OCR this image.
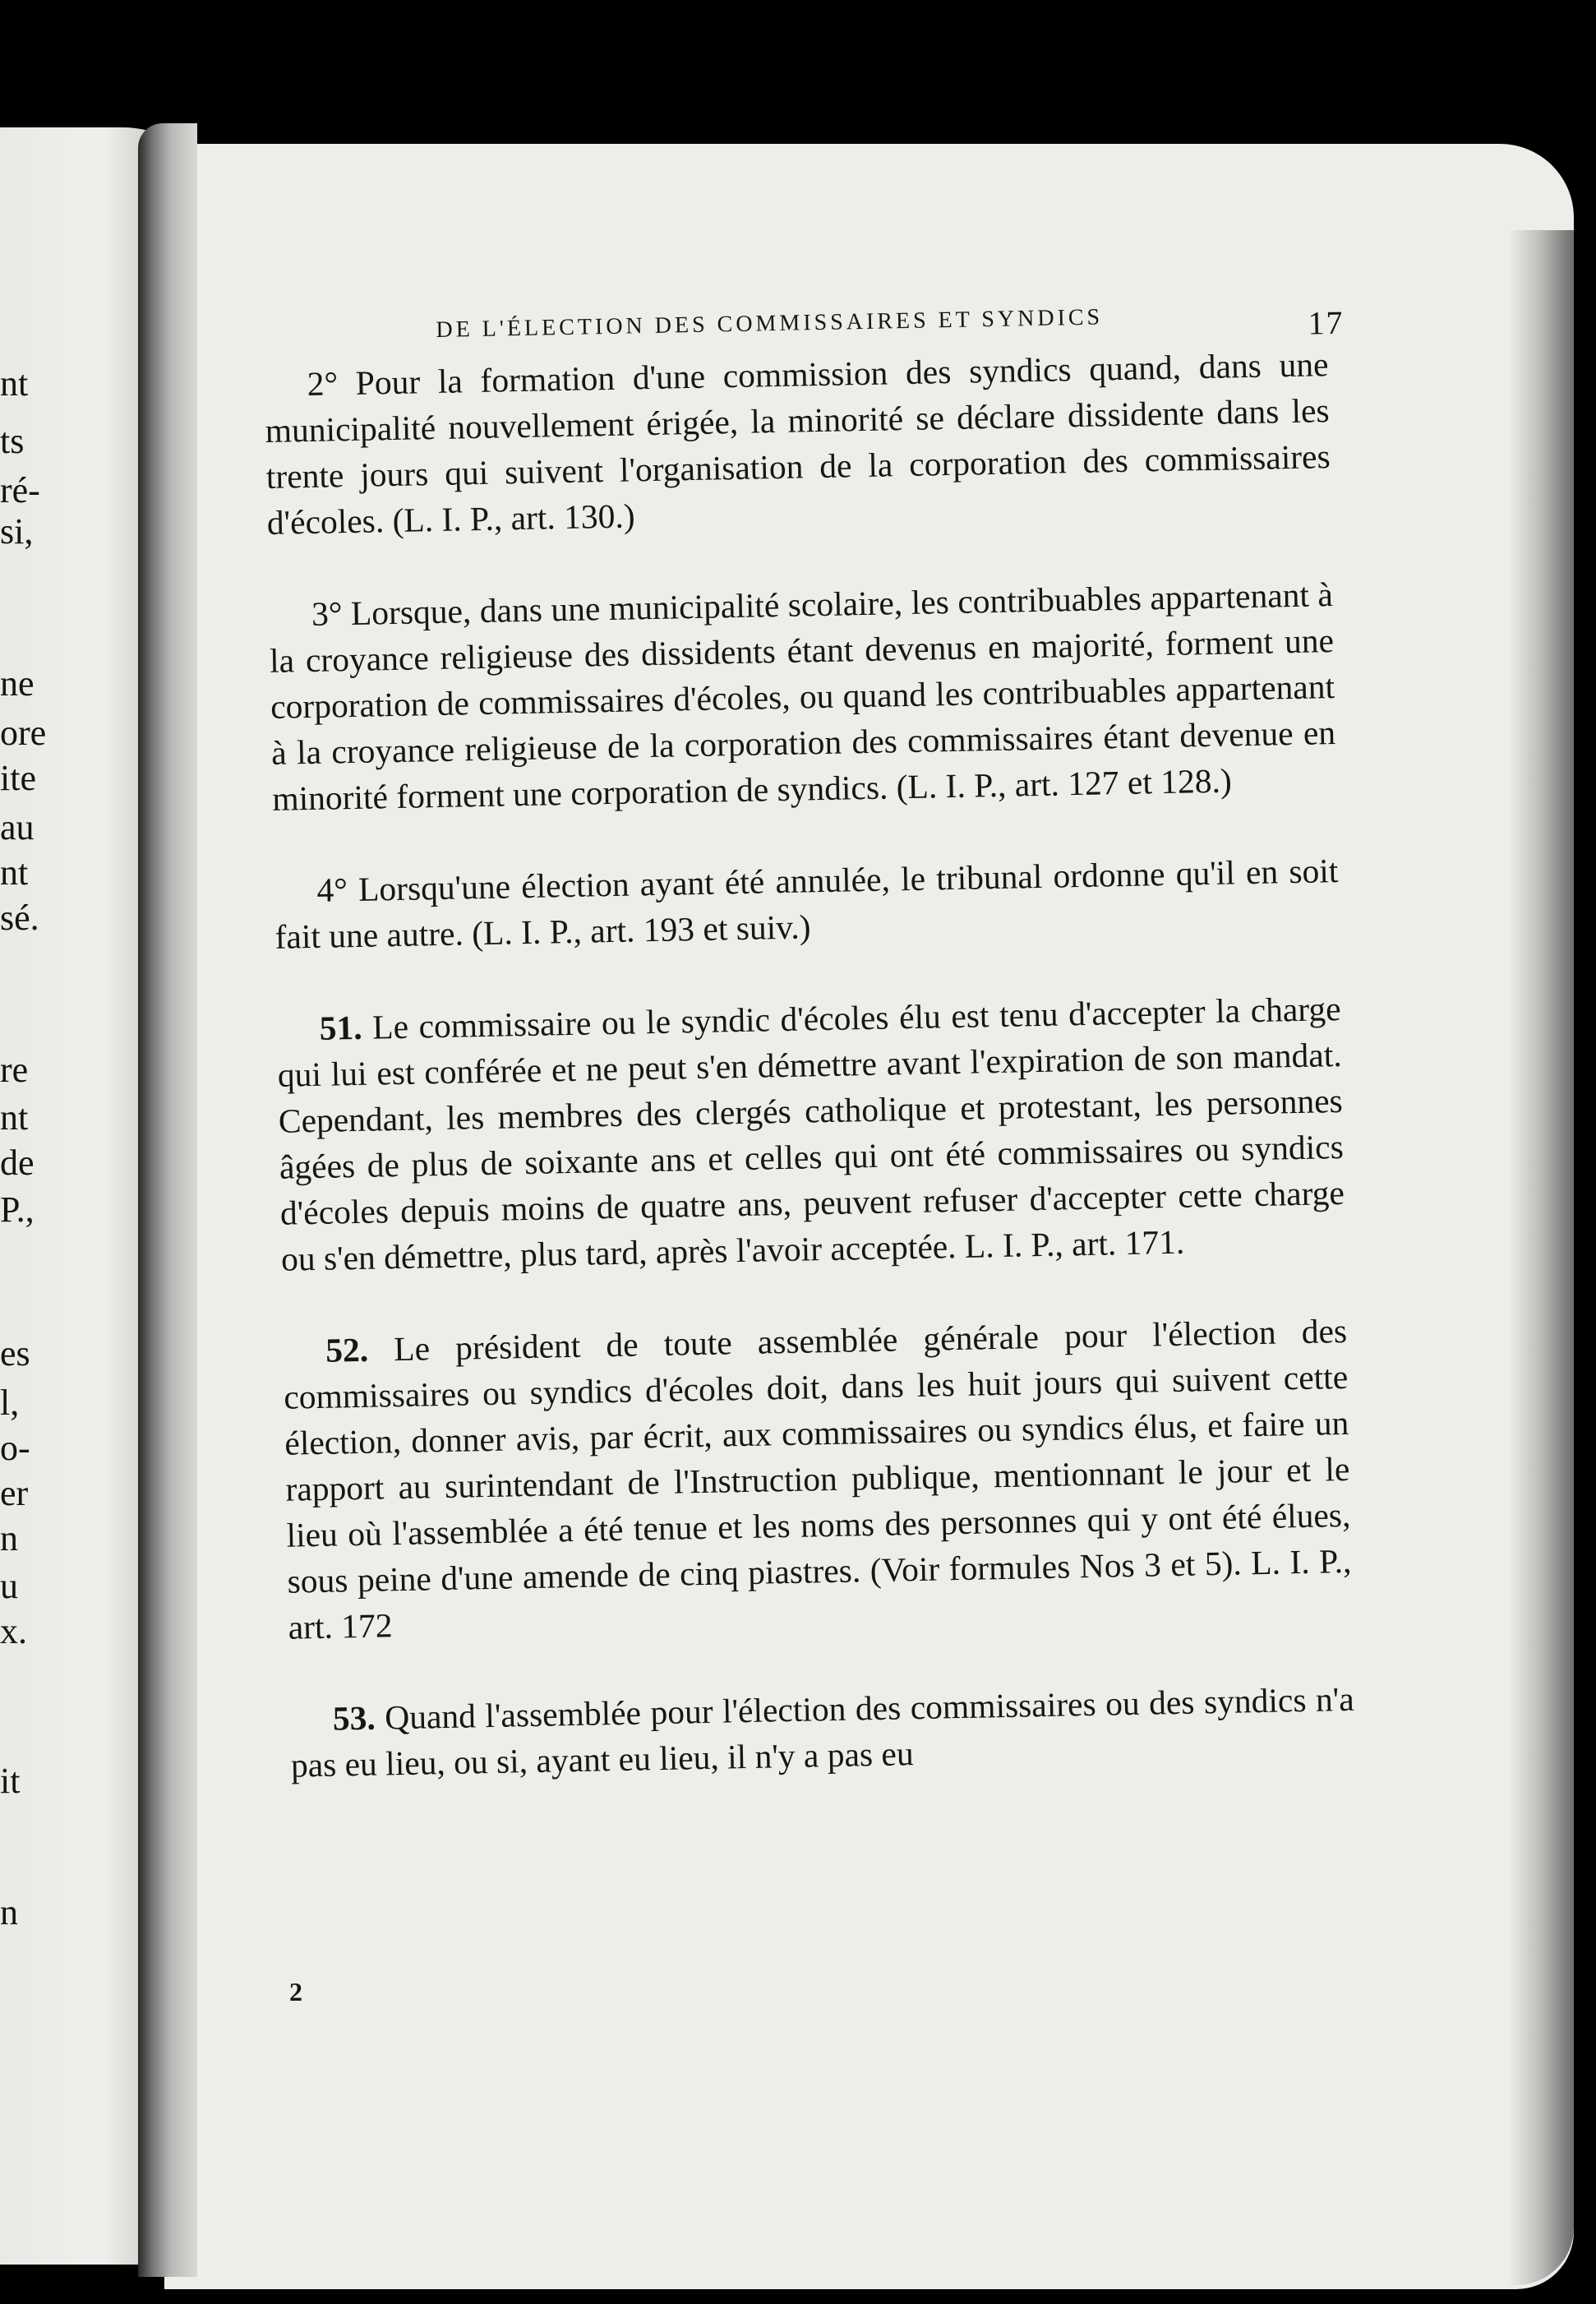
nt
ts
ré-
si,
ne
ore
ite
au
nt
sé.
re
nt
de
P.,
es
l,
o-
er
n
u
x.
it
n
DE L'ÉLECTION DES COMMISSAIRES ET SYNDICS	17

2° Pour la formation d'une commission des syndics quand, dans une municipalité nouvellement érigée, la minorité se déclare dissidente dans les trente jours qui suivent l'organisation de la corporation des commissaires d'écoles. (L. I. P., art. 130.)

3° Lorsque, dans une municipalité scolaire, les contribuables appartenant à la croyance religieuse des dissidents étant devenus en majorité, forment une corporation de commissaires d'écoles, ou quand les contribuables appartenant à la croyance religieuse de la corporation des commissaires étant devenue en minorité forment une corporation de syndics. (L. I. P., art. 127 et 128.)

4° Lorsqu'une élection ayant été annulée, le tribunal ordonne qu'il en soit fait une autre. (L. I. P., art. 193 et suiv.)

51. Le commissaire ou le syndic d'écoles élu est tenu d'accepter la charge qui lui est conférée et ne peut s'en démettre avant l'expiration de son mandat. Cependant, les membres des clergés catholique et protestant, les personnes âgées de plus de soixante ans et celles qui ont été commissaires ou syndics d'écoles depuis moins de quatre ans, peuvent refuser d'accepter cette charge ou s'en démettre, plus tard, après l'avoir acceptée. L. I. P., art. 171.

52. Le président de toute assemblée générale pour l'élection des commissaires ou syndics d'écoles doit, dans les huit jours qui suivent cette élection, donner avis, par écrit, aux commissaires ou syndics élus, et faire un rapport au surintendant de l'Instruction publique, mentionnant le jour et le lieu où l'assemblée a été tenue et les noms des personnes qui y ont été élues, sous peine d'une amende de cinq piastres. (Voir formules Nos 3 et 5). L. I. P., art. 172

53. Quand l'assemblée pour l'élection des commissaires ou des syndics n'a pas eu lieu, ou si, ayant eu lieu, il n'y a pas eu

2
